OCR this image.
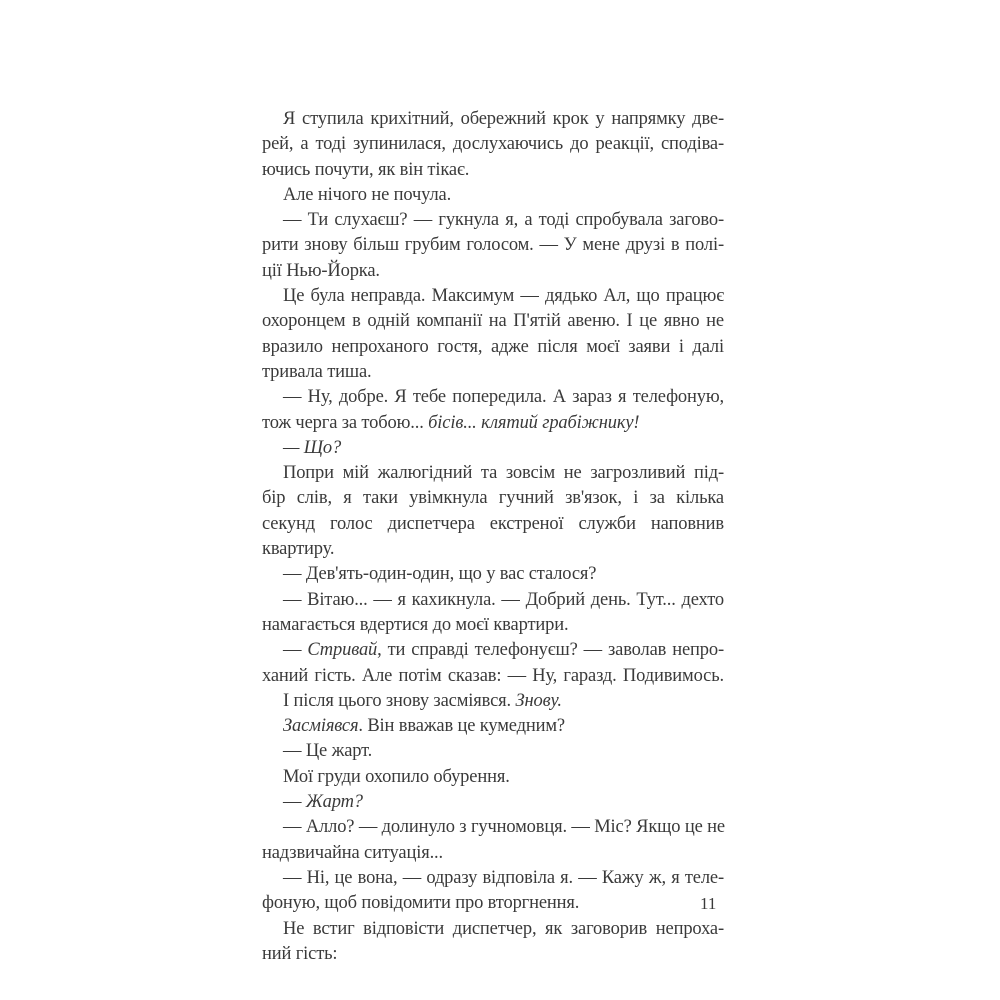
Я ступила крихітний, обережний крок у напрямку две-
рей, а тоді зупинилася, дослухаючись до реакції, сподіва-
ючись почути, як він тікає.
Але нічого не почула.
— Ти слухаєш? — гукнула я, а тоді спробувала загово-
рити знову більш грубим голосом. — У мене друзі в полі-
ції Нью-Йорка.
Це була неправда. Максимум — дядько Ал, що працює
охоронцем в одній компанії на П'ятій авеню. І це явно не
вразило непроханого гостя, адже після моєї заяви і далі
тривала тиша.
— Ну, добре. Я тебе попередила. А зараз я телефоную,
тож черга за тобою... бісів... клятий грабіжнику!
— Що?
Попри мій жалюгідний та зовсім не загрозливий під-
бір слів, я таки увімкнула гучний зв'язок, і за кілька
секунд голос диспетчера екстреної служби наповнив
квартиру.
— Дев'ять-один-один, що у вас сталося?
— Вітаю... — я кахикнула. — Добрий день. Тут... дехто
намагається вдертися до моєї квартири.
— Стривай, ти справді телефонуєш? — заволав непро-
ханий гість. Але потім сказав: — Ну, гаразд. Подивимось.
І після цього знову засміявся. Знову.
Засміявся. Він вважав це кумедним?
— Це жарт.
Мої груди охопило обурення.
— Жарт?
— Алло? — долинуло з гучномовця. — Міс? Якщо це не
надзвичайна ситуація...
— Ні, це вона, — одразу відповіла я. — Кажу ж, я теле-
фоную, щоб повідомити про вторгнення.
Не встиг відповісти диспетчер, як заговорив непроха-
ний гість:
11
